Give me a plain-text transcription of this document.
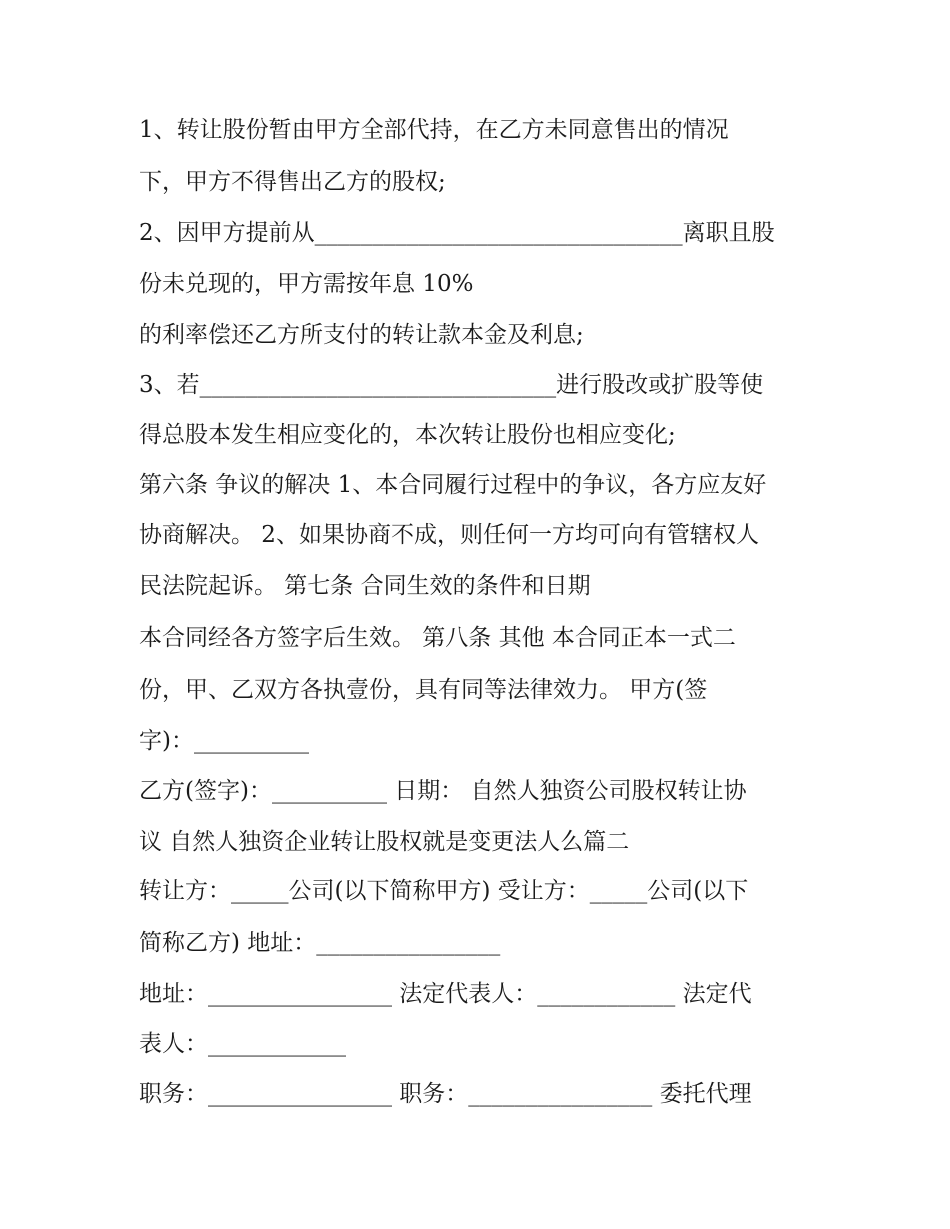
1、转让股份暂由甲方全部代持，在乙方未同意售出的情况
下，甲方不得售出乙方的股权;
2、因甲方提前从________________________________离职且股
份未兑现的，甲方需按年息 10%
的利率偿还乙方所支付的转让款本金及利息;
3、若_______________________________进行股改或扩股等使
得总股本发生相应变化的，本次转让股份也相应变化;
第六条 争议的解决 1、本合同履行过程中的争议，各方应友好
协商解决。 2、如果协商不成，则任何一方均可向有管辖权人
民法院起诉。 第七条 合同生效的条件和日期
本合同经各方签字后生效。 第八条 其他 本合同正本一式二
份，甲、乙双方各执壹份，具有同等法律效力。 甲方(签
字)：__________
乙方(签字)：__________ 日期： 自然人独资公司股权转让协
议 自然人独资企业转让股权就是变更法人么篇二
转让方：_____公司(以下简称甲方) 受让方：_____公司(以下
简称乙方) 地址：________________
地址：________________ 法定代表人：____________ 法定代
表人：____________
职务：________________ 职务：________________ 委托代理
